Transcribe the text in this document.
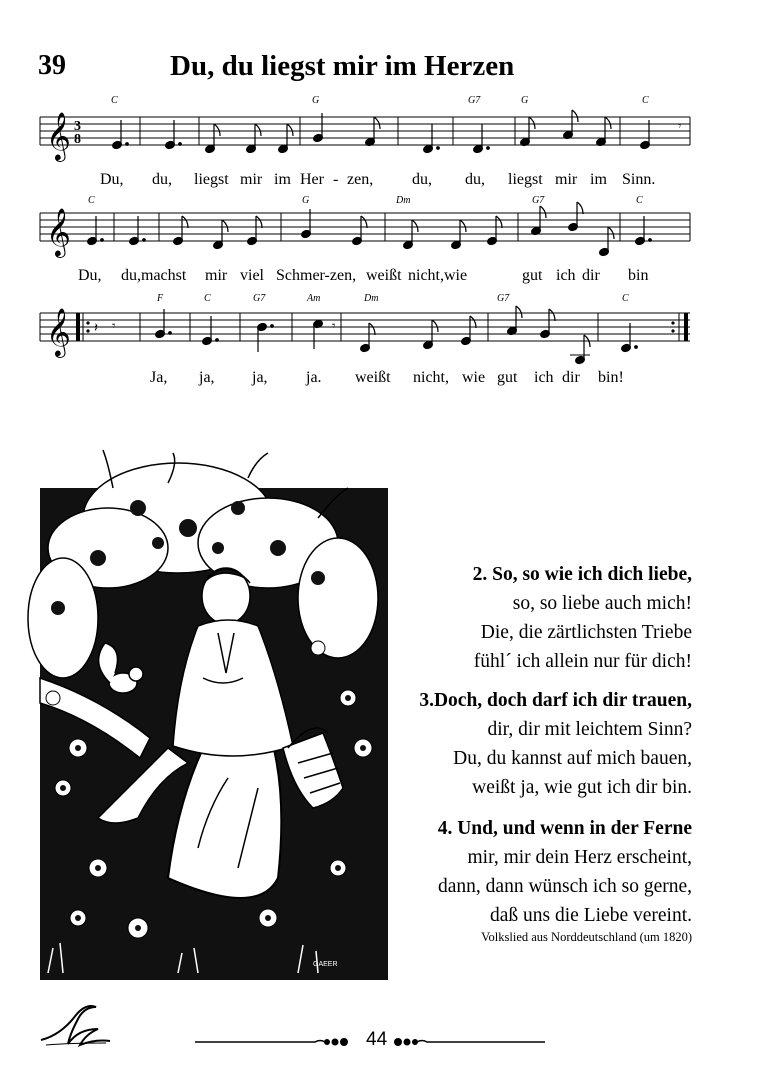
39	Du, du liegst mir im Herzen
𝄞 3
8
𝄾
C	G	G7	G	C
Du, du, liegst mir im Her - zen, du, du, liegst mir im Sinn.
𝄞
C	G	Dm	G7	C
Du, du,machst mir viel Schmer-zen, weißt nicht,wie	gut ich dir bin
𝄞 𝄽 𝄾	𝄾
F	C	G7	Am	Dm	G7	C
Ja, ja, ja, ja. weißt nicht, wie gut ich dir bin!
GAEER
2. So, so wie ich dich liebe,
so, so liebe auch mich!
Die, die zärtlichsten Triebe
fühl´ ich allein nur für dich!
3.Doch, doch darf ich dir trauen,
dir, dir mit leichtem Sinn?
Du, du kannst auf mich bauen,
weißt ja, wie gut ich dir bin.
4. Und, und wenn in der Ferne
mir, mir dein Herz erscheint,
dann, dann wünsch ich so gerne,
daß uns die Liebe vereint.
Volkslied aus Norddeutschland (um 1820)
44
